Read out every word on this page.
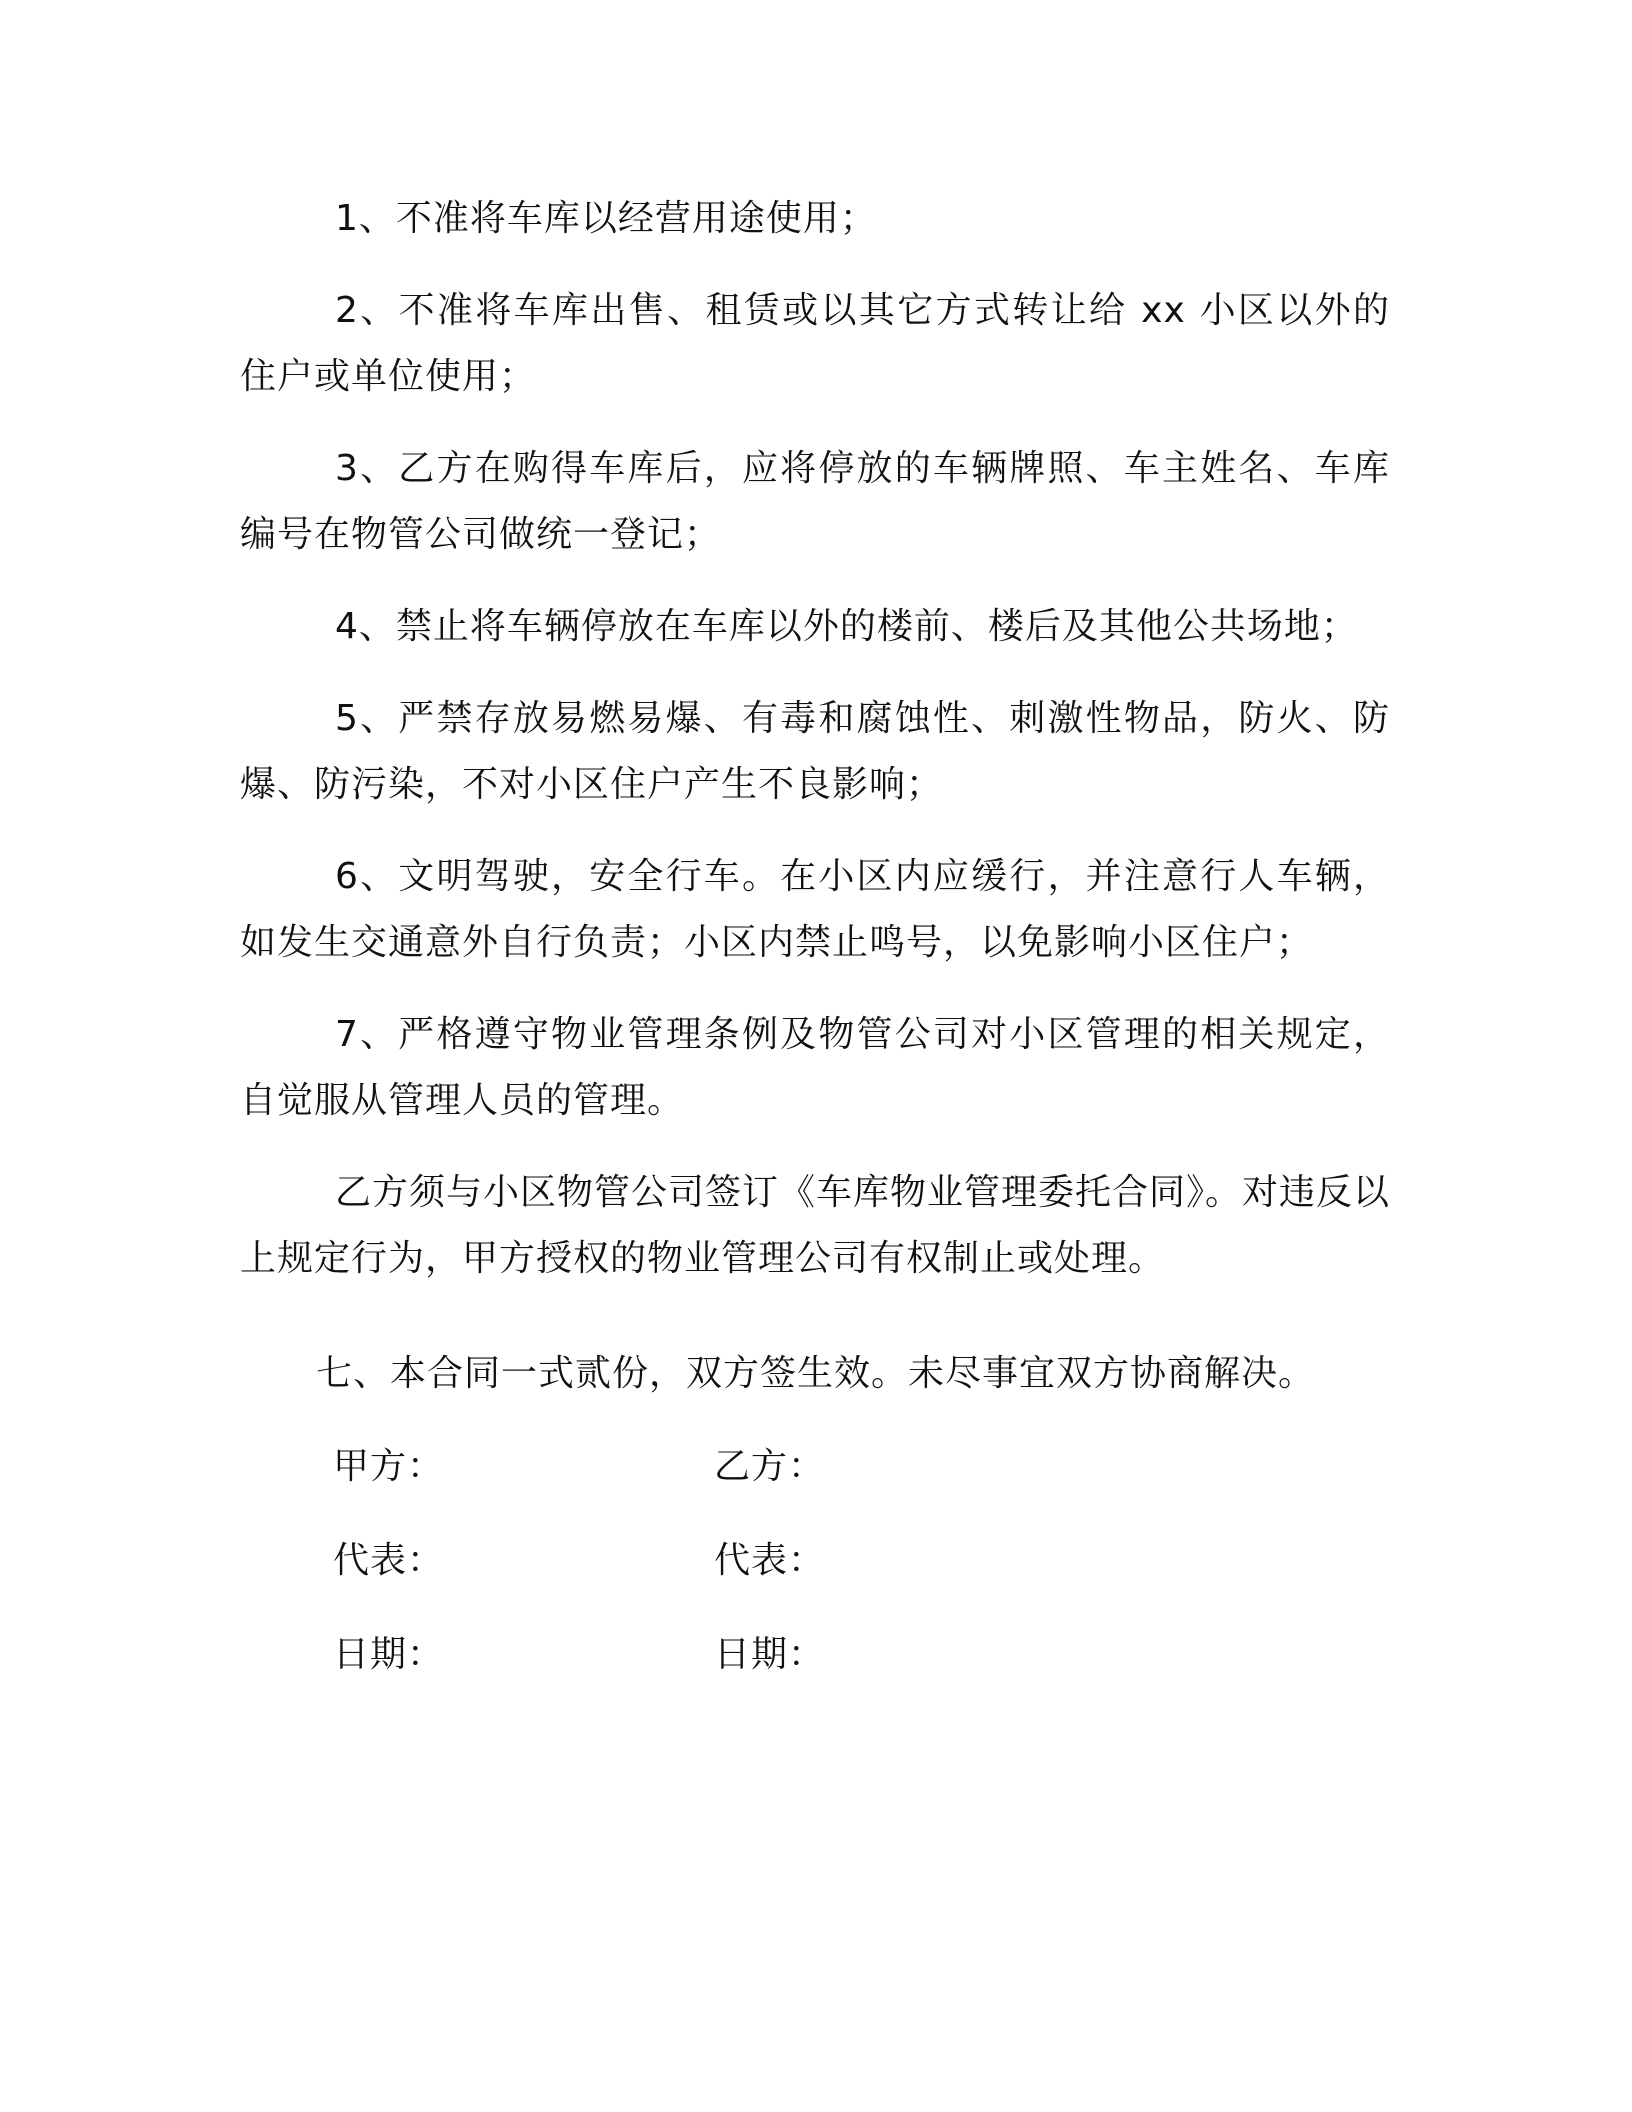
1、不准将车库以经营用途使用；

2、不准将车库出售、租赁或以其它方式转让给 xx 小区以外的住户或单位使用；

3、乙方在购得车库后，应将停放的车辆牌照、车主姓名、车库编号在物管公司做统一登记；

4、禁止将车辆停放在车库以外的楼前、楼后及其他公共场地；

5、严禁存放易燃易爆、有毒和腐蚀性、刺激性物品，防火、防爆、防污染，不对小区住户产生不良影响；

6、文明驾驶，安全行车。在小区内应缓行，并注意行人车辆，如发生交通意外自行负责；小区内禁止鸣号，以免影响小区住户；

7、严格遵守物业管理条例及物管公司对小区管理的相关规定，自觉服从管理人员的管理。

乙方须与小区物管公司签订《车库物业管理委托合同》。对违反以上规定行为，甲方授权的物业管理公司有权制止或处理。

七、本合同一式贰份，双方签生效。未尽事宜双方协商解决。

甲方：	乙方：
代表：	代表：
日期：	日期：
